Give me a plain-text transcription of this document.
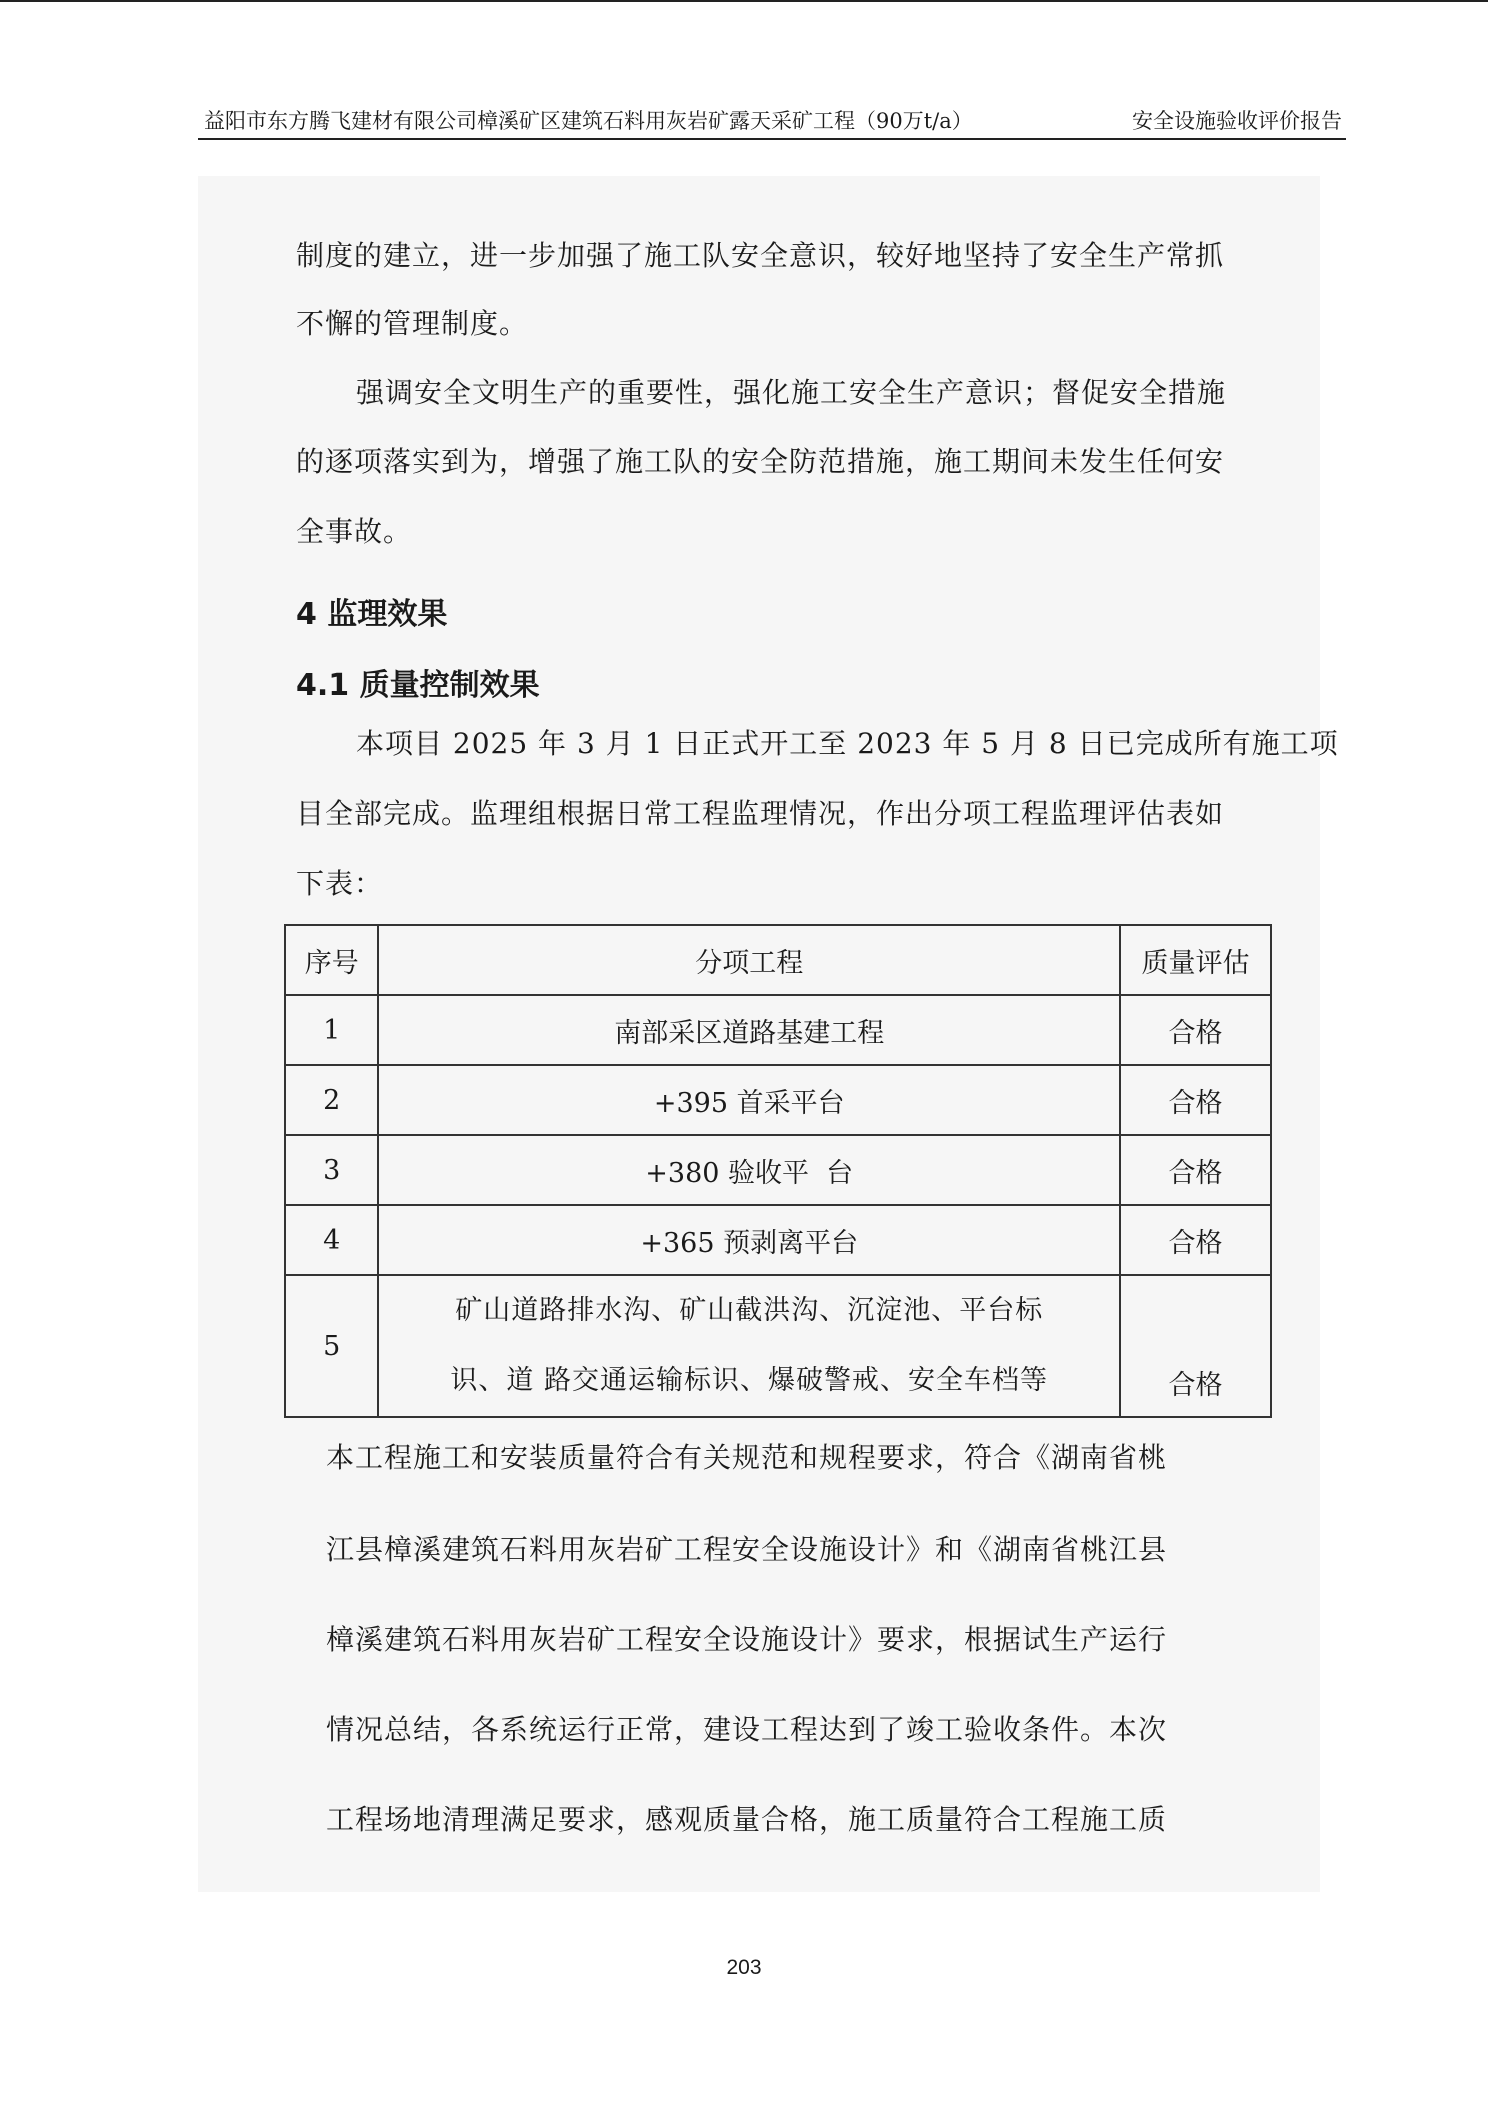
益阳市东方腾飞建材有限公司樟溪矿区建筑石料用灰岩矿露天采矿工程（90万t/a）	安全设施验收评价报告
制度的建立，进一步加强了施工队安全意识，较好地坚持了安全生产常抓
不懈的管理制度。
强调安全文明生产的重要性，强化施工安全生产意识；督促安全措施
的逐项落实到为，增强了施工队的安全防范措施，施工期间未发生任何安
全事故。
4 监理效果
4.1 质量控制效果
本项目 2025 年 3 月 1 日正式开工至 2023 年 5 月 8 日已完成所有施工项
目全部完成。监理组根据日常工程监理情况，作出分项工程监理评估表如
下表：
序号	分项工程	质量评估
1	南部采区道路基建工程	合格
2	+395 首采平台	合格
3	+380 验收平  台	合格
4	+365 预剥离平台	合格
5	矿山道路排水沟、矿山截洪沟、沉淀池、平台标
识、道 路交通运输标识、爆破警戒、安全车档等	合格
本工程施工和安装质量符合有关规范和规程要求，符合《湖南省桃
江县樟溪建筑石料用灰岩矿工程安全设施设计》和《湖南省桃江县
樟溪建筑石料用灰岩矿工程安全设施设计》要求，根据试生产运行
情况总结，各系统运行正常，建设工程达到了竣工验收条件。本次
工程场地清理满足要求，感观质量合格，施工质量符合工程施工质
203
